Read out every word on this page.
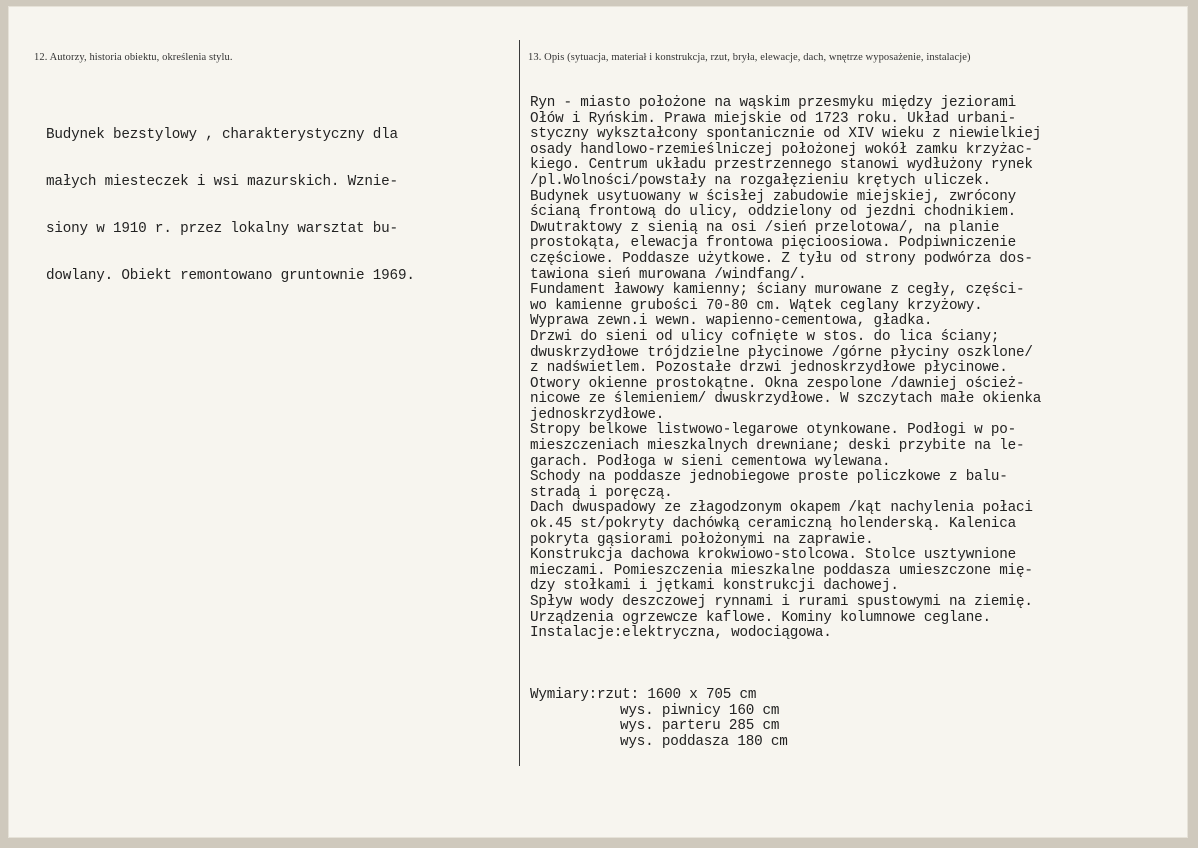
12. Autorzy, historia obiektu, określenia stylu.	13. Opis (sytuacja, materiał i konstrukcja, rzut, bryła, elewacje, dach, wnętrze wyposażenie, instalacje)

Budynek bezstylowy , charakterystyczny dla

małych miesteczek i wsi mazurskich. Wznie-

siony w 1910 r. przez lokalny warsztat bu-

dowlany. Obiekt remontowano gruntownie 1969.

Ryn - miasto położone na wąskim przesmyku między jeziorami
Ołów i Ryńskim. Prawa miejskie od 1723 roku. Układ urbani-
styczny wykształcony spontanicznie od XIV wieku z niewielkiej
osady handlowo-rzemieślniczej położonej wokół zamku krzyżac-
kiego. Centrum układu przestrzennego stanowi wydłużony rynek
/pl.Wolności/powstały na rozgałęzieniu krętych uliczek.
Budynek usytuowany w ścisłej zabudowie miejskiej, zwrócony
ścianą frontową do ulicy, oddzielony od jezdni chodnikiem.
Dwutraktowy z sienią na osi /sień przelotowa/, na planie
prostokąta, elewacja frontowa pięcioosiowa. Podpiwniczenie
częściowe. Poddasze użytkowe. Z tyłu od strony podwórza dos-
tawiona sień murowana /windfang/.
Fundament ławowy kamienny; ściany murowane z cegły, części-
wo kamienne grubości 70-80 cm. Wątek ceglany krzyżowy.
Wyprawa zewn.i wewn. wapienno-cementowa, gładka.
Drzwi do sieni od ulicy cofnięte w stos. do lica ściany;
dwuskrzydłowe trójdzielne płycinowe /górne płyciny oszklone/
z nadświetlem. Pozostałe drzwi jednoskrzydłowe płycinowe.
Otwory okienne prostokątne. Okna zespolone /dawniej oścież-
nicowe ze ślemieniem/ dwuskrzydłowe. W szczytach małe okienka
jednoskrzydłowe.
Stropy belkowe listwowo-legarowe otynkowane. Podłogi w po-
mieszczeniach mieszkalnych drewniane; deski przybite na le-
garach. Podłoga w sieni cementowa wylewana.
Schody na poddasze jednobiegowe proste policzkowe z balu-
stradą i poręczą.
Dach dwuspadowy ze złagodzonym okapem /kąt nachylenia połaci
ok.45 st/pokryty dachówką ceramiczną holenderską. Kalenica
pokryta gąsiorami położonymi na zaprawie.
Konstrukcja dachowa krokwiowo-stolcowa. Stolce usztywnione
mieczami. Pomieszczenia mieszkalne poddasza umieszczone mię-
dzy stołkami i jętkami konstrukcji dachowej.
Spływ wody deszczowej rynnami i rurami spustowymi na ziemię.
Urządzenia ogrzewcze kaflowe. Kominy kolumnowe ceglane.
Instalacje:elektryczna, wodociągowa.
Wymiary: rzut: 1600 x 705 cm
wys. piwnicy 160 cm
wys. parteru 285 cm
wys. poddasza 180 cm
